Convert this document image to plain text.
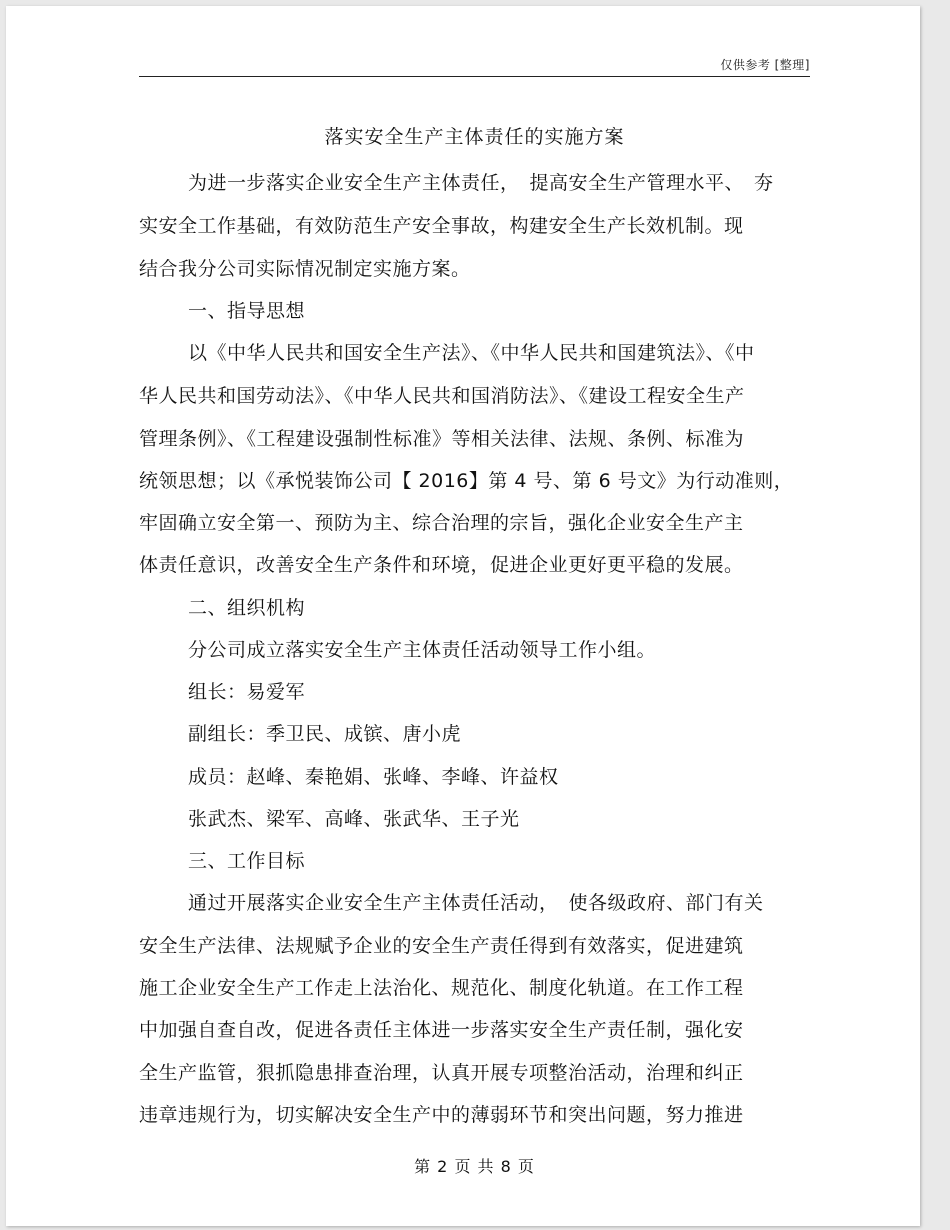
仅供参考 [整理]
落实安全生产主体责任的实施方案
为进一步落实企业安全生产主体责任，　提高安全生产管理水平、　夯
实安全工作基础，有效防范生产安全事故，构建安全生产长效机制。现
结合我分公司实际情况制定实施方案。
一、指导思想
以《中华人民共和国安全生产法》、《中华人民共和国建筑法》、《中
华人民共和国劳动法》、《中华人民共和国消防法》、《建设工程安全生产
管理条例》、《工程建设强制性标准》等相关法律、法规、条例、标准为
统领思想；以《承悦装饰公司【 2016】第 4 号、第 6 号文》为行动准则，
牢固确立安全第一、预防为主、综合治理的宗旨，强化企业安全生产主
体责任意识，改善安全生产条件和环境，促进企业更好更平稳的发展。
二、组织机构
分公司成立落实安全生产主体责任活动领导工作小组。
组长：易爱军
副组长：季卫民、成镔、唐小虎
成员：赵峰、秦艳娟、张峰、李峰、许益权
张武杰、梁军、高峰、张武华、王子光
三、工作目标
通过开展落实企业安全生产主体责任活动，　使各级政府、部门有关
安全生产法律、法规赋予企业的安全生产责任得到有效落实，促进建筑
施工企业安全生产工作走上法治化、规范化、制度化轨道。在工作工程
中加强自查自改，促进各责任主体进一步落实安全生产责任制，强化安
全生产监管，狠抓隐患排查治理，认真开展专项整治活动，治理和纠正
违章违规行为，切实解决安全生产中的薄弱环节和突出问题，努力推进
第 2 页 共 8 页
